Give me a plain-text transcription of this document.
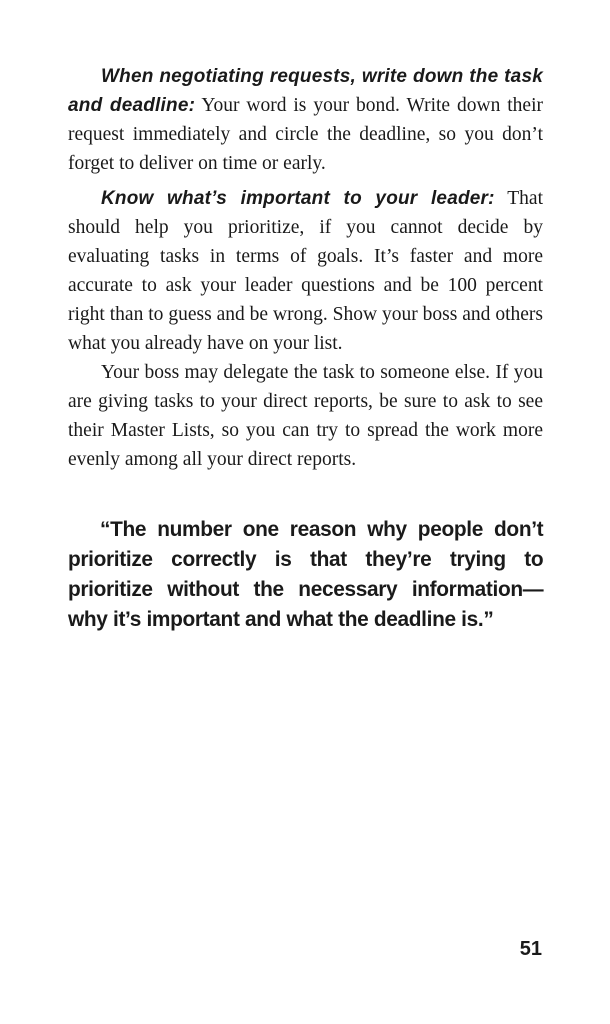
When negotiating requests, write down the task and deadline: Your word is your bond. Write down their request immediately and circle the deadline, so you don’t forget to deliver on time or early.

Know what’s important to your leader: That should help you prioritize, if you cannot decide by evaluating tasks in terms of goals. It’s faster and more accurate to ask your leader questions and be 100 percent right than to guess and be wrong. Show your boss and others what you already have on your list.

Your boss may delegate the task to someone else. If you are giving tasks to your direct reports, be sure to ask to see their Master Lists, so you can try to spread the work more evenly among all your direct reports.

“The number one reason why people don’t prioritize correctly is that they’re trying to prioritize without the necessary information—why it’s important and what the deadline is.”

51
